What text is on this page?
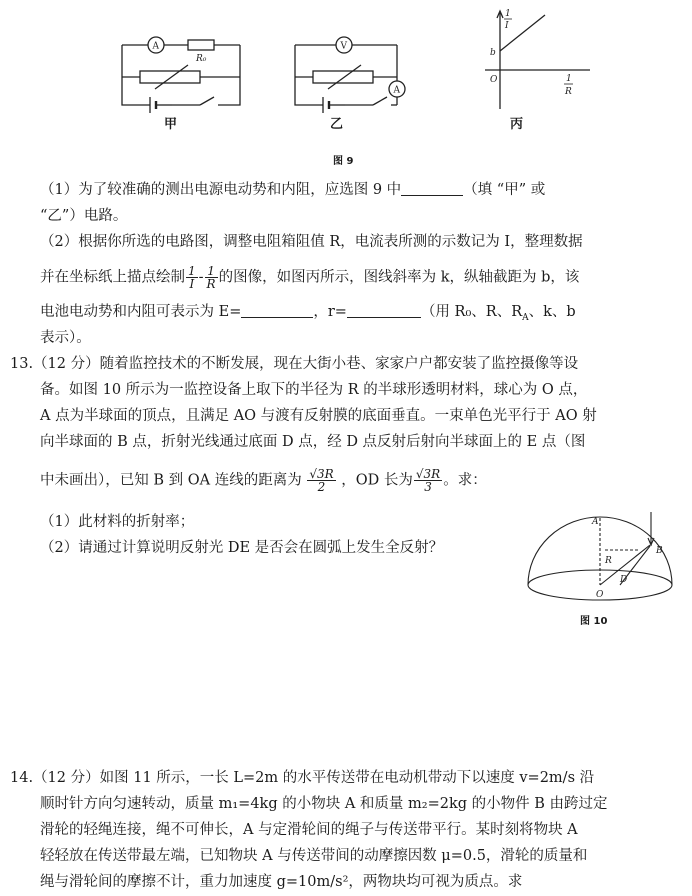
A	V
A
R₀
1
I
b
O	1
R
甲	乙	丙
图 9
（1）为了较准确的测出电源电动势和内阻，应选图 9 中	（填 “甲” 或
“乙”）电路。
（2）根据你所选的电路图，调整电阻箱阻值 R，电流表所测的示数记为 I，整理数据
并在坐标纸上描点绘制 $\frac{1}{I} - \frac{1}{R}$ 的图像，如图丙所示，图线斜率为 k，纵轴截距为 b，该
电池电动势和内阻可表示为 E=	，r=	（用 R₀、R、$R_A$、k、b
表示）。
13.（12 分）随着监控技术的不断发展，现在大街小巷、家家户户都安装了监控摄像等设
备。如图 10 所示为一监控设备上取下的半径为 R 的半球形透明材料，球心为 O 点，
A 点为半球面的顶点，且满足 AO 与渡有反射膜的底面垂直。一束单色光平行于 AO 射
向半球面的 B 点，折射光线通过底面 D 点，经 D 点反射后射向半球面上的 E 点（图
中未画出），已知 B 到 OA 连线的距离为 $\frac{√3R}{2}$ ，OD 长为 $\frac{√3R}{3}$ 。求：
（1）此材料的折射率；
（2）请通过计算说明反射光 DE 是否会在圆弧上发生全反射？
A
B
O
D
R
图 10
14.（12 分）如图 11 所示，一长 L=2m 的水平传送带在电动机带动下以速度 v=2m/s 沿
顺时针方向匀速转动，质量 m₁=4kg 的小物块 A 和质量 m₂=2kg 的小物件 B 由跨过定
滑轮的轻绳连接，绳不可伸长，A 与定滑轮间的绳子与传送带平行。某时刻将物块 A
轻轻放在传送带最左端，已知物块 A 与传送带间的动摩擦因数 μ=0.5，滑轮的质量和
绳与滑轮间的摩擦不计，重力加速度 g=10m/s²，两物块均可视为质点。求
